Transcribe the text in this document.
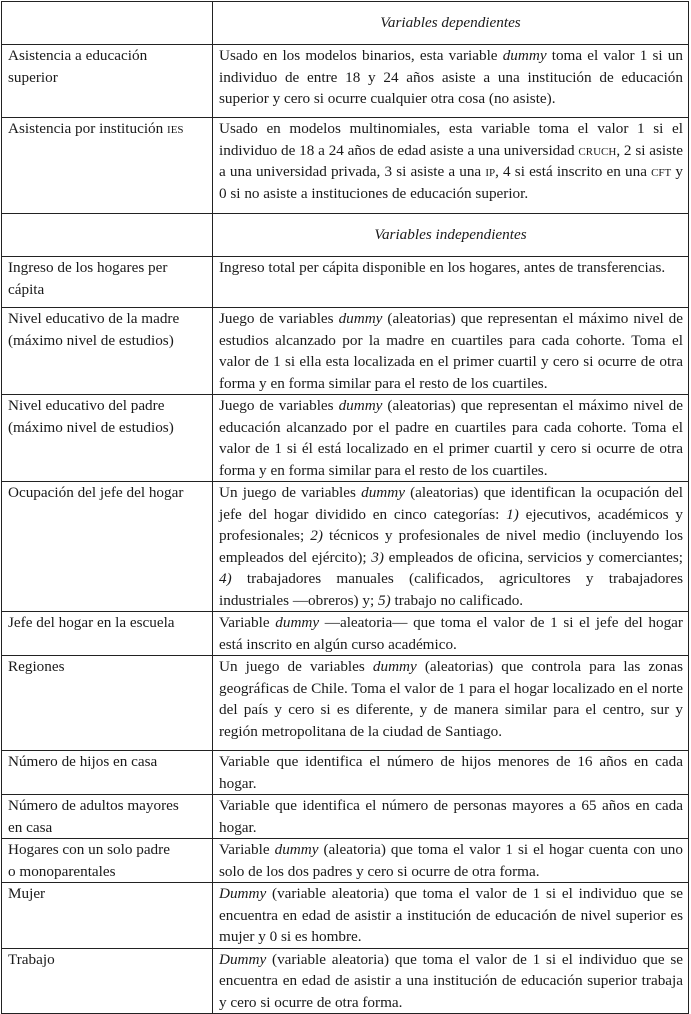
	Variables dependientes
Asistencia a educación
superior	Usado en los modelos binarios, esta variable dummy toma el valor 1 si un individuo de entre 18 y 24 años asiste a una institución de educación superior y cero si ocurre cualquier otra cosa (no asiste).
Asistencia por institución ies	Usado en modelos multinomiales, esta variable toma el valor 1 si el individuo de 18 a 24 años de edad asiste a una universidad cruch, 2 si asiste a una universidad privada, 3 si asiste a una ip, 4 si está inscrito en una cft y 0 si no asiste a instituciones de educación superior.
	Variables independientes
Ingreso de los hogares per
cápita	Ingreso total per cápita disponible en los hogares, antes de transferencias.
Nivel educativo de la madre
(máximo nivel de estudios)	Juego de variables dummy (aleatorias) que representan el máximo nivel de estudios alcanzado por la madre en cuartiles para cada cohorte. Toma el valor de 1 si ella esta localizada en el primer cuartil y cero si ocurre de otra forma y en forma similar para el resto de los cuartiles.
Nivel educativo del padre
(máximo nivel de estudios)	Juego de variables dummy (aleatorias) que representan el máximo nivel de educación alcanzado por el padre en cuartiles para cada cohorte. Toma el valor de 1 si él está localizado en el primer cuartil y cero si ocurre de otra forma y en forma similar para el resto de los cuartiles.
Ocupación del jefe del hogar	Un juego de variables dummy (aleatorias) que identifican la ocupación del jefe del hogar dividido en cinco categorías: 1) ejecutivos, académicos y profesionales; 2) técnicos y profesionales de nivel medio (incluyendo los empleados del ejército); 3) empleados de oficina, servicios y comerciantes; 4) trabajadores manuales (calificados, agricultores y trabajadores industriales —obreros) y; 5) trabajo no calificado.
Jefe del hogar en la escuela	Variable dummy —aleatoria— que toma el valor de 1 si el jefe del hogar está inscrito en algún curso académico.
Regiones	Un juego de variables dummy (aleatorias) que controla para las zonas geográficas de Chile. Toma el valor de 1 para el hogar localizado en el norte del país y cero si es diferente, y de manera similar para el centro, sur y región metropolitana de la ciudad de Santiago.
Número de hijos en casa	Variable que identifica el número de hijos menores de 16 años en cada hogar.
Número de adultos mayores
en casa	Variable que identifica el número de personas mayores a 65 años en cada hogar.
Hogares con un solo padre
o monoparentales	Variable dummy (aleatoria) que toma el valor 1 si el hogar cuenta con uno solo de los dos padres y cero si ocurre de otra forma.
Mujer	Dummy (variable aleatoria) que toma el valor de 1 si el individuo que se encuentra en edad de asistir a institución de educación de nivel superior es mujer y 0 si es hombre.
Trabajo	Dummy (variable aleatoria) que toma el valor de 1 si el individuo que se encuentra en edad de asistir a una institución de educación superior trabaja y cero si ocurre de otra forma.
